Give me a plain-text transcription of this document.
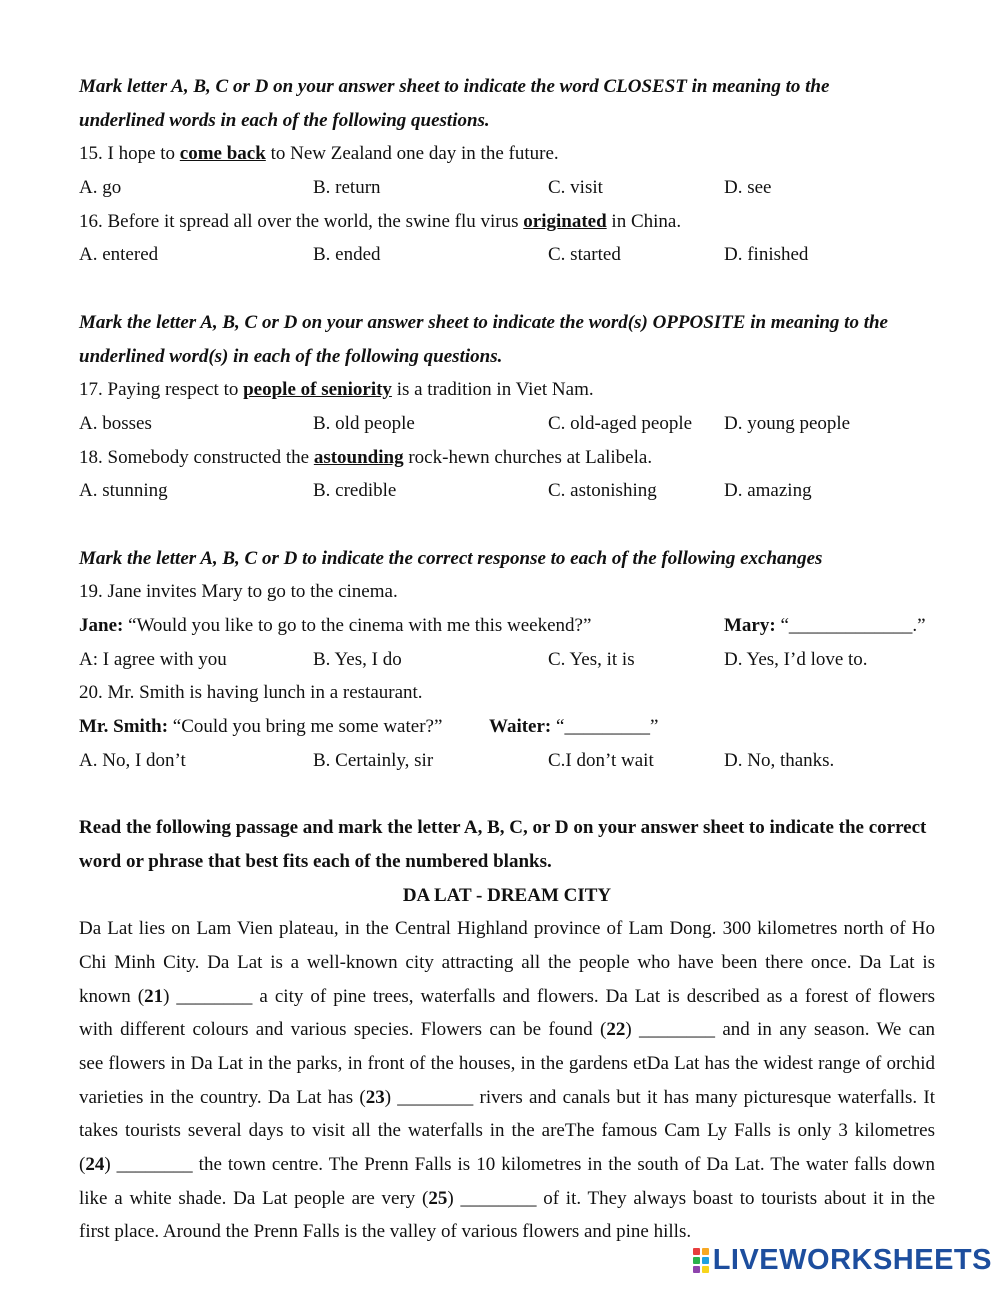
Mark letter A, B, C or D on your answer sheet to indicate the word CLOSEST in meaning to the
underlined words in each of the following questions.
15. I hope to come back to New Zealand one day in the future.
A. go	B. return	C. visit	D. see
16. Before it spread all over the world, the swine flu virus originated in China.
A. entered	B. ended	C. started	D. finished
Mark the letter A, B, C or D on your answer sheet to indicate the word(s) OPPOSITE in meaning to the
underlined word(s) in each of the following questions.
17. Paying respect to people of seniority is a tradition in Viet Nam.
A. bosses	B. old people	C. old-aged people D. young people
18. Somebody constructed the astounding rock-hewn churches at Lalibela.
A. stunning	B. credible	C. astonishing	D. amazing
Mark the letter A, B, C or D to indicate the correct response to each of the following exchanges
19. Jane invites Mary to go to the cinema.
Jane: “Would you like to go to the cinema with me this weekend?”	Mary: “_____________.”
A: I agree with you	B. Yes, I do	C. Yes, it is	D. Yes, I’d love to.
20. Mr. Smith is having lunch in a restaurant.
Mr. Smith: “Could you bring me some water?” Waiter: “_________”
A. No, I don’t	B. Certainly, sir	C.I don’t wait	D. No, thanks.
Read the following passage and mark the letter A, B, C, or D on your answer sheet to indicate the correct
word or phrase that best fits each of the numbered blanks.
DA LAT - DREAM CITY
Da Lat lies on Lam Vien plateau, in the Central Highland province of Lam Dong. 300 kilometres north of Ho
Chi Minh City. Da Lat is a well-known city attracting all the people who have been there once. Da Lat is
known (21) ________ a city of pine trees, waterfalls and flowers. Da Lat is described as a forest of flowers
with different colours and various species. Flowers can be found (22) ________ and in any season. We can
see flowers in Da Lat in the parks, in front of the houses, in the gardens etDa Lat has the widest range of orchid
varieties in the country. Da Lat has (23) ________ rivers and canals but it has many picturesque waterfalls. It
takes tourists several days to visit all the waterfalls in the areThe famous Cam Ly Falls is only 3 kilometres
(24) ________ the town centre. The Prenn Falls is 10 kilometres in the south of Da Lat. The water falls down
like a white shade. Da Lat people are very (25) ________ of it. They always boast to tourists about it in the
first place. Around the Prenn Falls is the valley of various flowers and pine hills.
LIVEWORKSHEETS
